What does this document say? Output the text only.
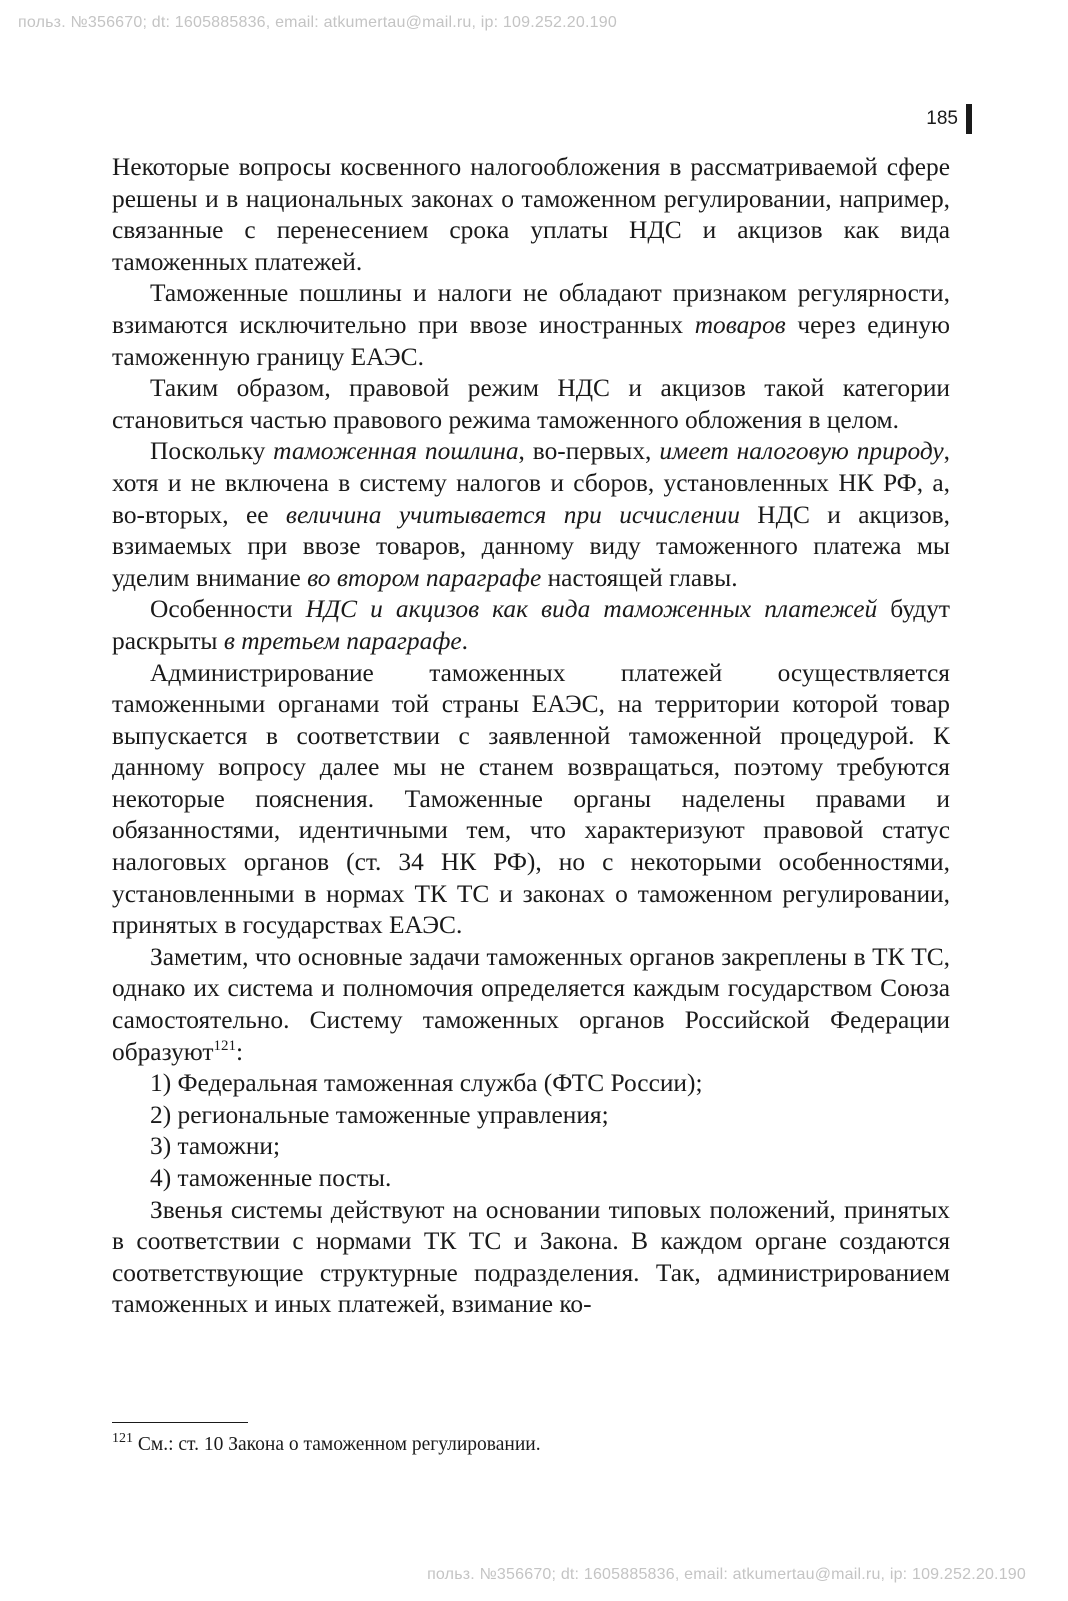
польз. №356670; dt: 1605885836, email: atkumertau@mail.ru, ip: 109.252.20.190
185

Некоторые вопросы косвенного налогообложения в рассматриваемой сфере решены и в национальных законах о таможенном регулировании, например, связанные с перенесением срока уплаты НДС и акцизов как вида таможенных платежей.

Таможенные пошлины и налоги не обладают признаком регулярности, взимаются исключительно при ввозе иностранных товаров через единую таможенную границу ЕАЭС.

Таким образом, правовой режим НДС и акцизов такой категории становиться частью правового режима таможенного обложения в целом.

Поскольку таможенная пошлина, во-первых, имеет налоговую природу, хотя и не включена в систему налогов и сборов, установленных НК РФ, а, во-вторых, ее величина учитывается при исчислении НДС и акцизов, взимаемых при ввозе товаров, данному виду таможенного платежа мы уделим внимание во втором параграфе настоящей главы.

Особенности НДС и акцизов как вида таможенных платежей будут раскрыты в третьем параграфе.

Администрирование таможенных платежей осуществляется таможенными органами той страны ЕАЭС, на территории которой товар выпускается в соответствии с заявленной таможенной процедурой. К данному вопросу далее мы не станем возвращаться, поэтому требуются некоторые пояснения. Таможенные органы наделены правами и обязанностями, идентичными тем, что характеризуют правовой статус налоговых органов (ст. 34 НК РФ), но с некоторыми особенностями, установленными в нормах ТК ТС и законах о таможенном регулировании, принятых в государствах ЕАЭС.

Заметим, что основные задачи таможенных органов закреплены в ТК ТС, однако их система и полномочия определяется каждым государством Союза самостоятельно. Систему таможенных органов Российской Федерации образуют$^{121}$:

1) Федеральная таможенная служба (ФТС России);

2) региональные таможенные управления;

3) таможни;

4) таможенные посты.

Звенья системы действуют на основании типовых положений, принятых в соответствии с нормами ТК ТС и Закона. В каждом органе создаются соответствующие структурные подразделения. Так, администрированием таможенных и иных платежей, взимание ко-

$^{121}$ См.: ст. 10 Закона о таможенном регулировании.
польз. №356670; dt: 1605885836, email: atkumertau@mail.ru, ip: 109.252.20.190
